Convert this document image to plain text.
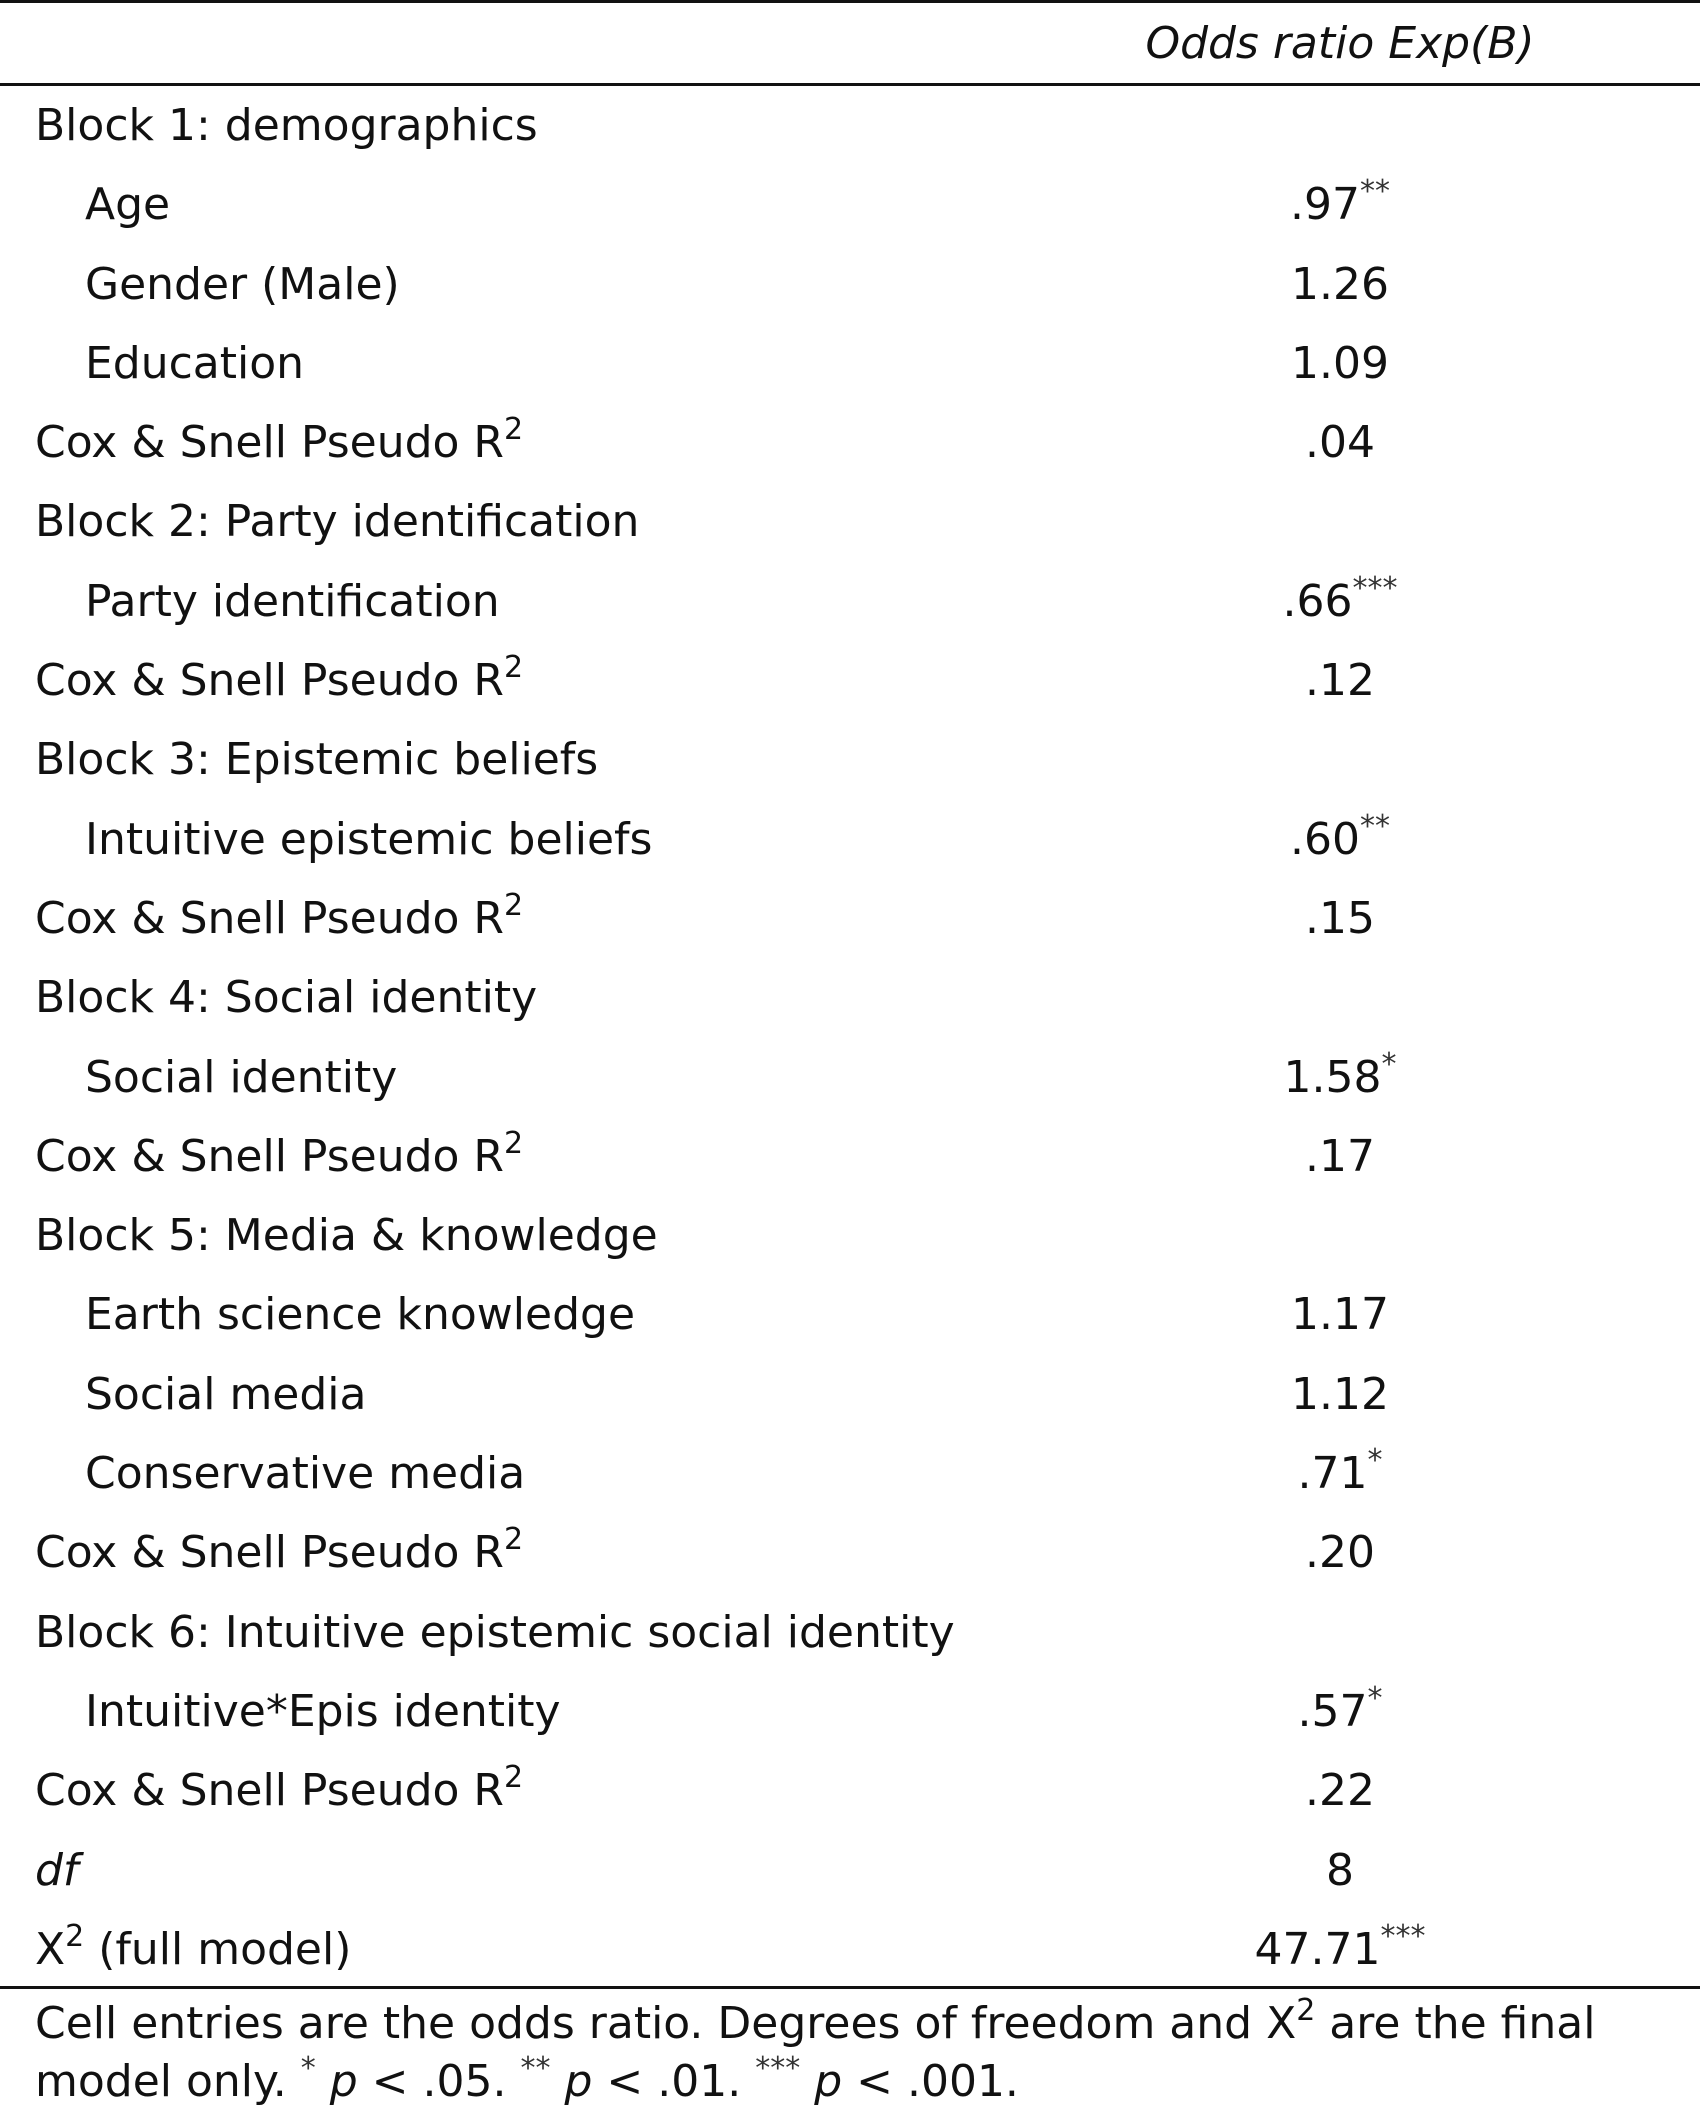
Odds ratio Exp(B)
Block 1: demographics
Age	.97**
Gender (Male)	1.26
Education	1.09
Cox & Snell Pseudo $R^2$	.04
Block 2: Party identification
Party identification	.66***
Cox & Snell Pseudo $R^2$	.12
Block 3: Epistemic beliefs
Intuitive epistemic beliefs	.60**
Cox & Snell Pseudo $R^2$	.15
Block 4: Social identity
Social identity	1.58*
Cox & Snell Pseudo $R^2$	.17
Block 5: Media & knowledge
Earth science knowledge	1.17
Social media	1.12
Conservative media	.71*
Cox & Snell Pseudo $R^2$	.20
Block 6: Intuitive epistemic social identity
Intuitive*Epis identity	.57*
Cox & Snell Pseudo $R^2$	.22
df	8
$X^2$ (full model)	47.71***
Cell entries are the odds ratio. Degrees of freedom and $X^2$ are the final
model only. * p < .05. ** p < .01. *** p < .001.
